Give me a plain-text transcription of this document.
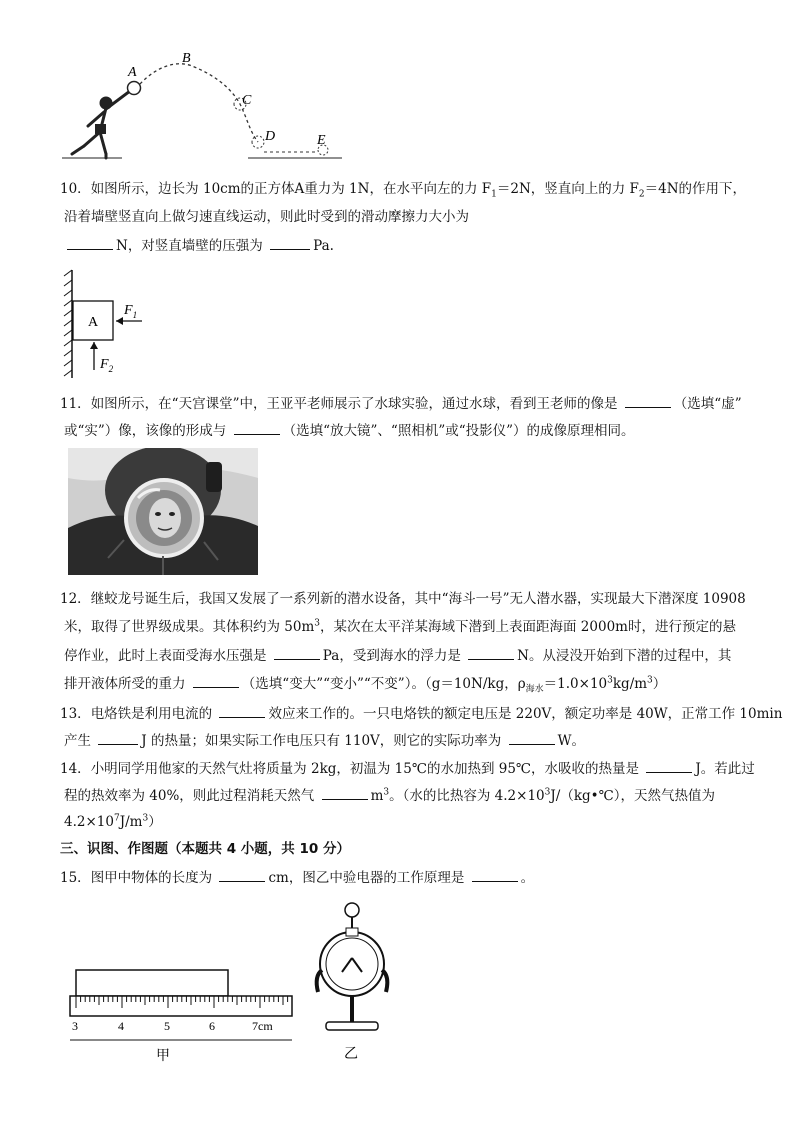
A
B
C
D	E
10．如图所示，边长为 10cm的正方体A重力为 1N，在水平向左的力 $F_1=2N$，竖直向上的力 $F_2=4N$的作用下，
沿着墙壁竖直向上做匀速直线运动，则此时受到的滑动摩擦力大小为
N，对竖直墙壁的压强为	Pa.
A
$F_1$
$F_2$
11．如图所示，在“天宫课堂”中，王亚平老师展示了水球实验，通过水球，看到王老师的像是	（选填“虚”
或“实”）像，该像的形成与	（选填“放大镜”、“照相机”或“投影仪”）的成像原理相同。
12．继蛟龙号诞生后，我国又发展了一系列新的潜水设备，其中“海斗一号”无人潜水器，实现最大下潜深度 10908
米，取得了世界级成果。其体积约为 $50m^3$，某次在太平洋某海域下潜到上表面距海面 2000m时，进行预定的悬
停作业，此时上表面受海水压强是	Pa，受到海水的浮力是	N。从浸没开始到下潜的过程中，其
排开液体所受的重力	（选填“变大”“变小”“不变”）。（g＝10N/kg，$\rho_{海水}=1.0\times 10^3kg/m^3$）
13．电烙铁是利用电流的	效应来工作的。一只电烙铁的额定电压是 220V，额定功率是 40W，正常工作 10min
产生	J 的热量；如果实际工作电压只有 110V，则它的实际功率为	W。
14．小明同学用他家的天然气灶将质量为 2kg，初温为 15℃的水加热到 95℃，水吸收的热量是	J。若此过
程的热效率为 40%，则此过程消耗天然气	$m^3$。（水的比热容为 $4.2\times 10^3J/(kg•℃)$，天然气热值为
$4.2\times 10^7J/m^3$）
三、识图、作图题（本题共 4 小题，共 10 分）
15．图甲中物体的长度为	cm，图乙中验电器的工作原理是	。
3	4	5	6	7cm
甲	乙
